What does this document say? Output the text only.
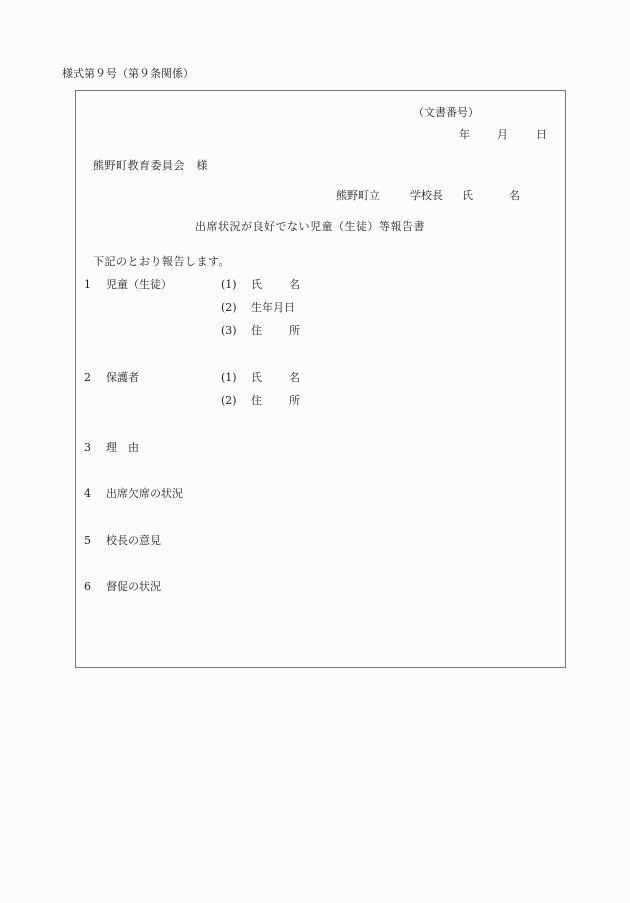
様式第９号（第９条関係）
（文書番号）
年 月	日
熊野町教育委員会　様
熊野町立	学校長 氏	名
出席状況が良好でない児童（生徒）等報告書
下記のとおり報告します。
1 児童（生徒）	(1) 氏 名
(2) 生年月日
(3) 住 所
2 保護者	(1) 氏 名
(2) 住 所
3 理　由
4 出席欠席の状況
5 校長の意見
6 督促の状況
